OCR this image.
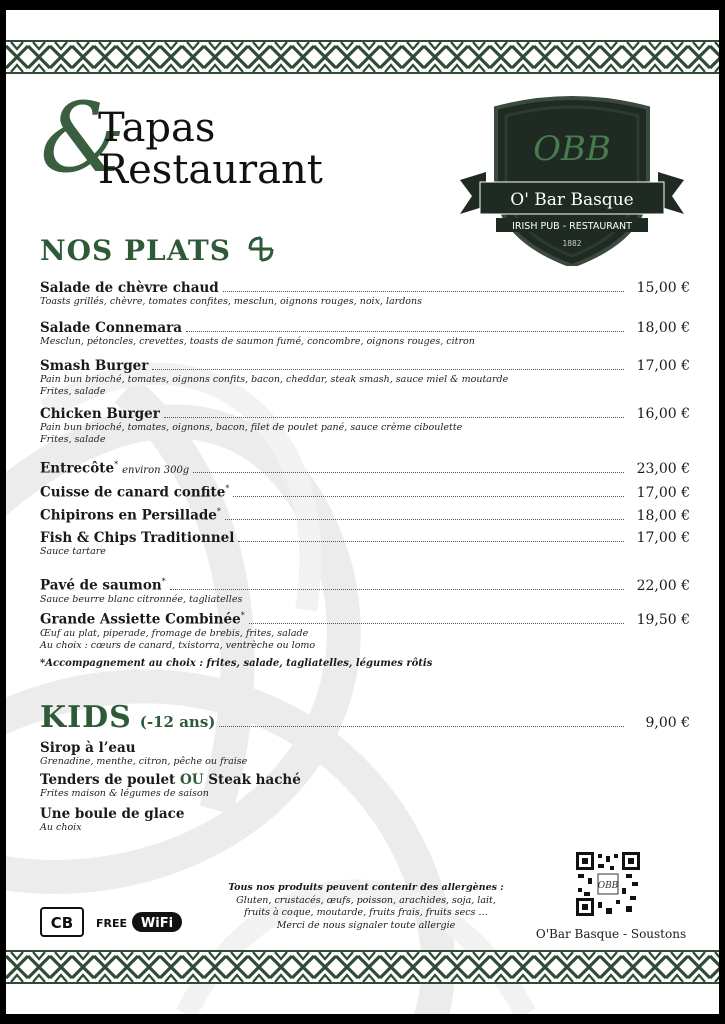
&
Tapas
Restaurant	OBB
O' Bar Basque
IRISH PUB - RESTAURANT
1882
NOS PLATS
Salade de chèvre chaud	15,00 €
Toasts grillés, chèvre, tomates confites, mesclun, oignons rouges, noix, lardons
Salade Connemara	18,00 €
Mesclun, pétoncles, crevettes, toasts de saumon fumé, concombre, oignons rouges, citron
Smash Burger	17,00 €
Pain bun brioché, tomates, oignons confits, bacon, cheddar, steak smash, sauce miel & moutarde
Frites, salade
Chicken Burger	16,00 €
Pain bun brioché, tomates, oignons, bacon, filet de poulet pané, sauce crème ciboulette
Frites, salade
Entrecôte* environ 300g	23,00 €
Cuisse de canard confite*	17,00 €
Chipirons en Persillade*	18,00 €
Fish & Chips Traditionnel	17,00 €
Sauce tartare
Pavé de saumon*	22,00 €
Sauce beurre blanc citronnée, tagliatelles
Grande Assiette Combinée*	19,50 €
Œuf au plat, piperade, fromage de brebis, frites, salade
Au choix : cœurs de canard, txistorra, ventrèche ou lomo
*Accompagnement au choix : frites, salade, tagliatelles, légumes rôtis
KIDS (-12 ans)	9,00 €
Sirop à l’eau
Grenadine, menthe, citron, pêche ou fraise
Tenders de poulet OU Steak haché
Frites maison & légumes de saison
Une boule de glace
Au choix
Tous nos produits peuvent contenir des allergènes :
Gluten, crustacés, œufs, poisson, arachides, soja, lait,
fruits à coque, moutarde, fruits frais, fruits secs …
Merci de nous signaler toute allergie
CB FREE WiFi
OBB
O'Bar Basque - Soustons
